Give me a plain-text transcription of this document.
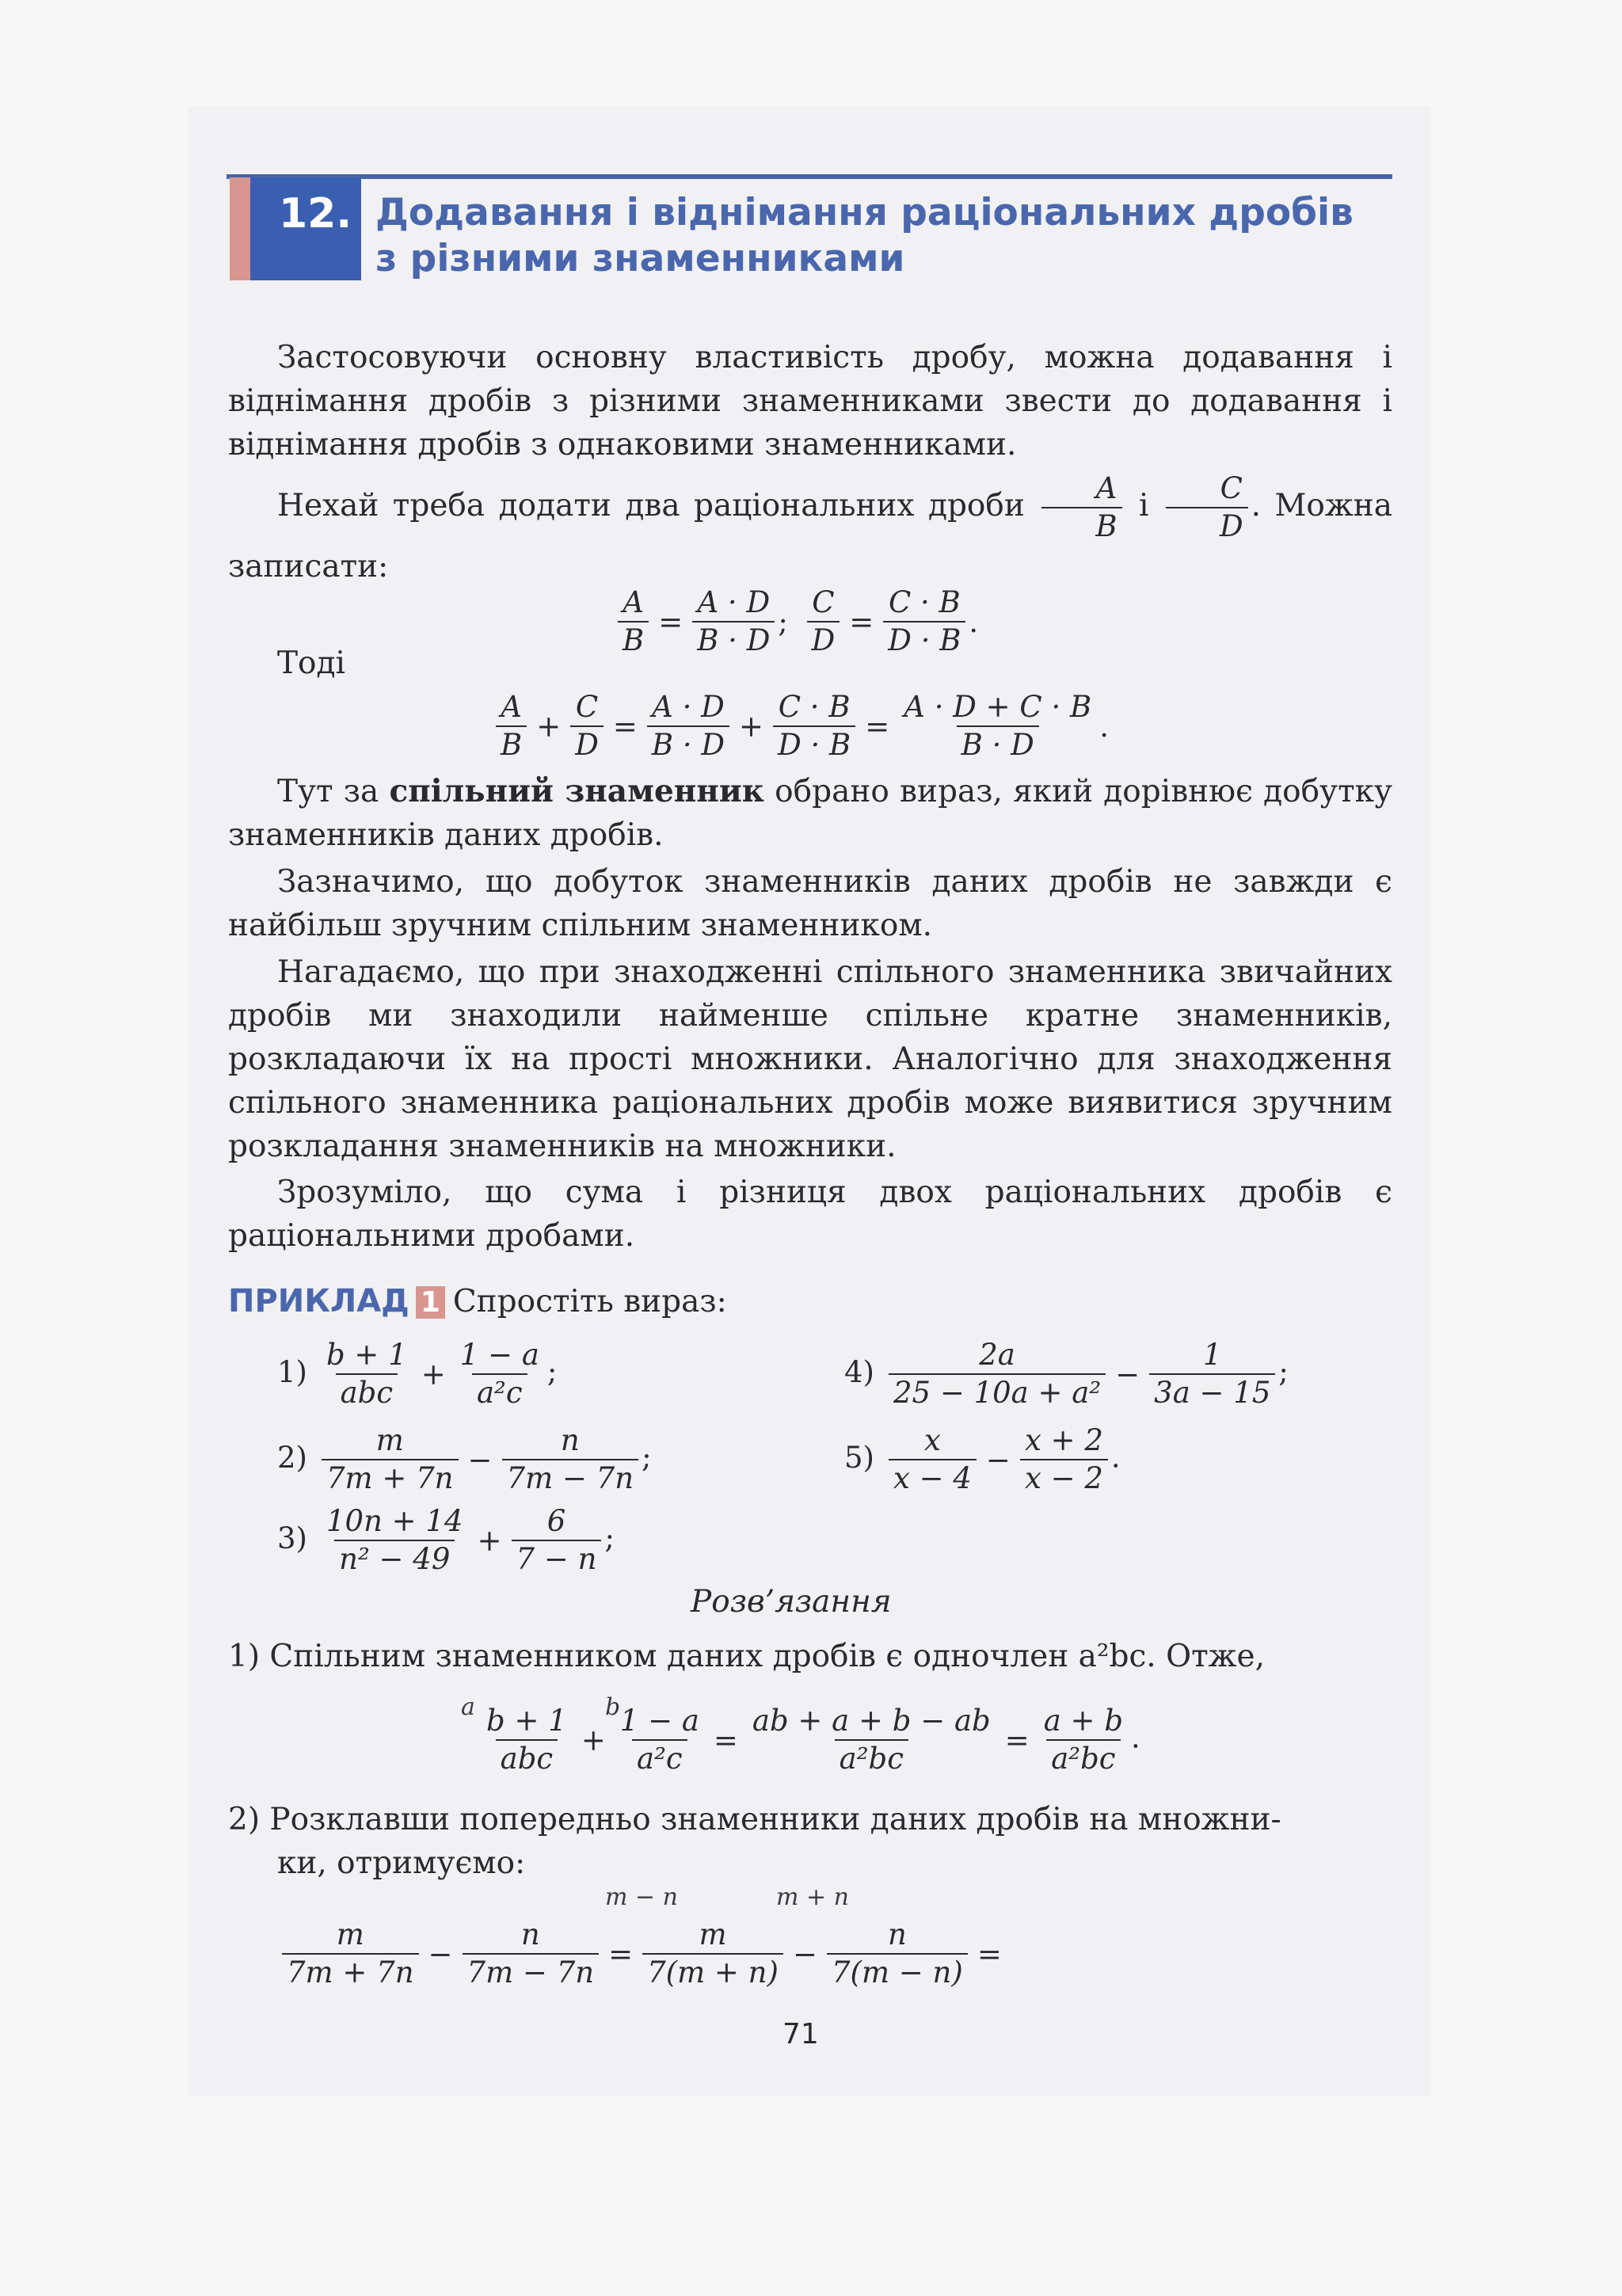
12. Додавання і віднімання раціональних дробів
з різними знаменниками
Застосовуючи основну властивість дробу, можна додавання і віднімання дробів з різними знаменниками звести до додавання і віднімання дробів з однаковими знаменниками.
Нехай треба додати два раціональних дроби $\frac{A}{B}$ і $\frac{C}{D}$ . Можна записати:
$\frac{A}{B} = \frac{A \cdot D}{B \cdot D}$ ; $\frac{C}{D} = \frac{C \cdot B}{D \cdot B}$ .
Тоді
$\frac{A}{B} + \frac{C}{D} = \frac{A \cdot D}{B \cdot D} + \frac{C \cdot B}{D \cdot B} = \frac{A \cdot D + C \cdot B}{B \cdot D}$ .
Тут за спільний знаменник обрано вираз, який дорівнює добутку знаменників даних дробів.
Зазначимо, що добуток знаменників даних дробів не завжди є найбільш зручним спільним знаменником.
Нагадаємо, що при знаходженні спільного знаменника звичайних дробів ми знаходили найменше спільне кратне знаменників, розкладаючи їх на прості множники. Аналогічно для знаходження спільного знаменника раціональних дробів може виявитися зручним розкладання знаменників на множники.
Зрозуміло, що сума і різниця двох раціональних дробів є раціональними дробами.
ПРИКЛАД 1 Спростіть вираз:
1) b + 1
abc
+ $\frac{1 - a}{\text{a²c}}$ ;
$2) \frac{m}{7m + 7n} - \frac{n}{7m - 7n}$ ;
$3) \frac{10n + 14}{\text{n² − 49}} + \frac{6}{7 - n}$ ;
$4) \frac{2a}{\text{25 − 10a + a²}} - \frac{1}{3a - 15}$ ;
$5) \frac{x}{x - 4} - \frac{x + 2}{x - 2}$ .
Розв’язання
1) Спільним знаменником даних дробів є одночлен a²bc. Отже,
a	b
b + 1
abc
+ $\frac{1 - a}{\text{a²c}} = \frac{ab + a + b - ab}{\text{a²bc}} = \frac{a + b}{\text{a²bc}}$ .
2) Розклавши попередньо знаменники даних дробів на множни-
ки, отримуємо:
m − n	m + n
$\frac{m}{7m + 7n} - \frac{n}{7m - 7n} = \frac{m}{7(m + n)} - \frac{n}{7(m - n)}$ =
71
